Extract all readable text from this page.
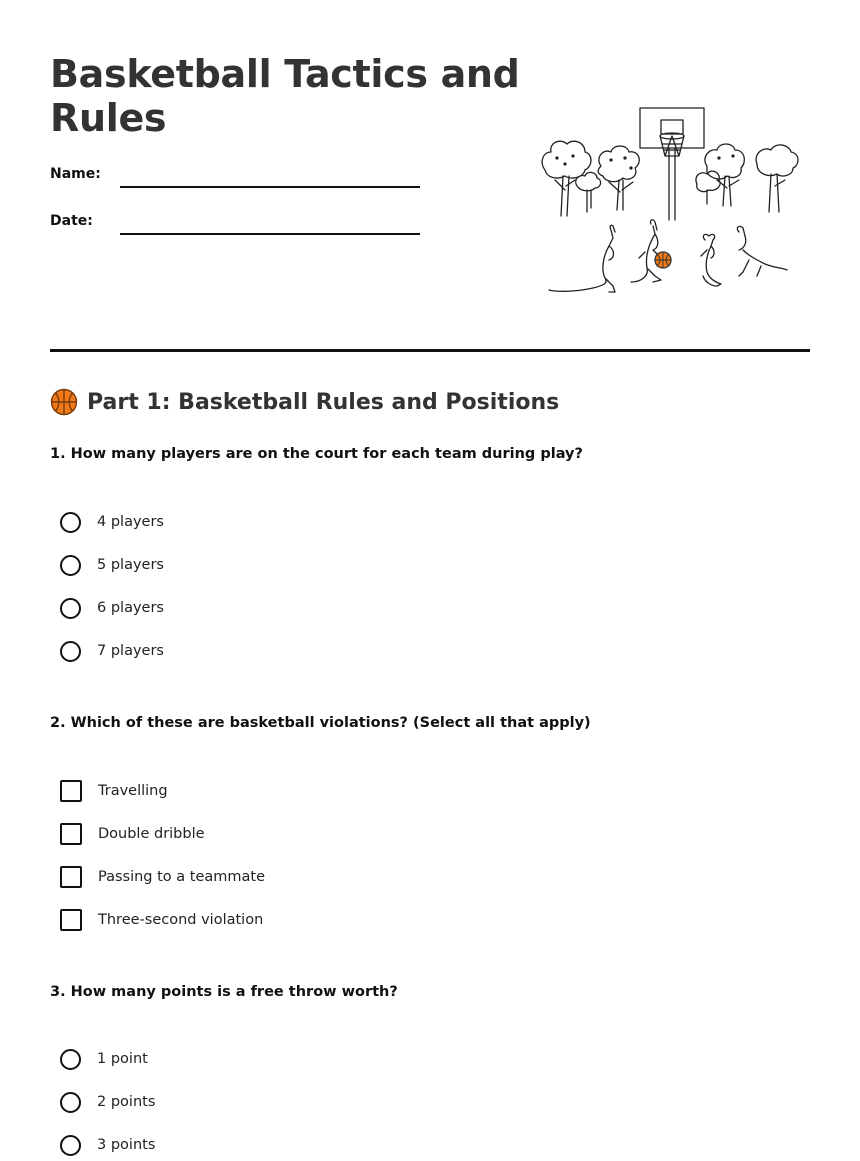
Basketball Tactics and Rules
Name:
Date:
Part 1: Basketball Rules and Positions

1. How many players are on the court for each team during play?

4 players
5 players
6 players
7 players

2. Which of these are basketball violations? (Select all that apply)

Travelling
Double dribble
Passing to a teammate
Three-second violation

3. How many points is a free throw worth?

1 point
2 points
3 points
